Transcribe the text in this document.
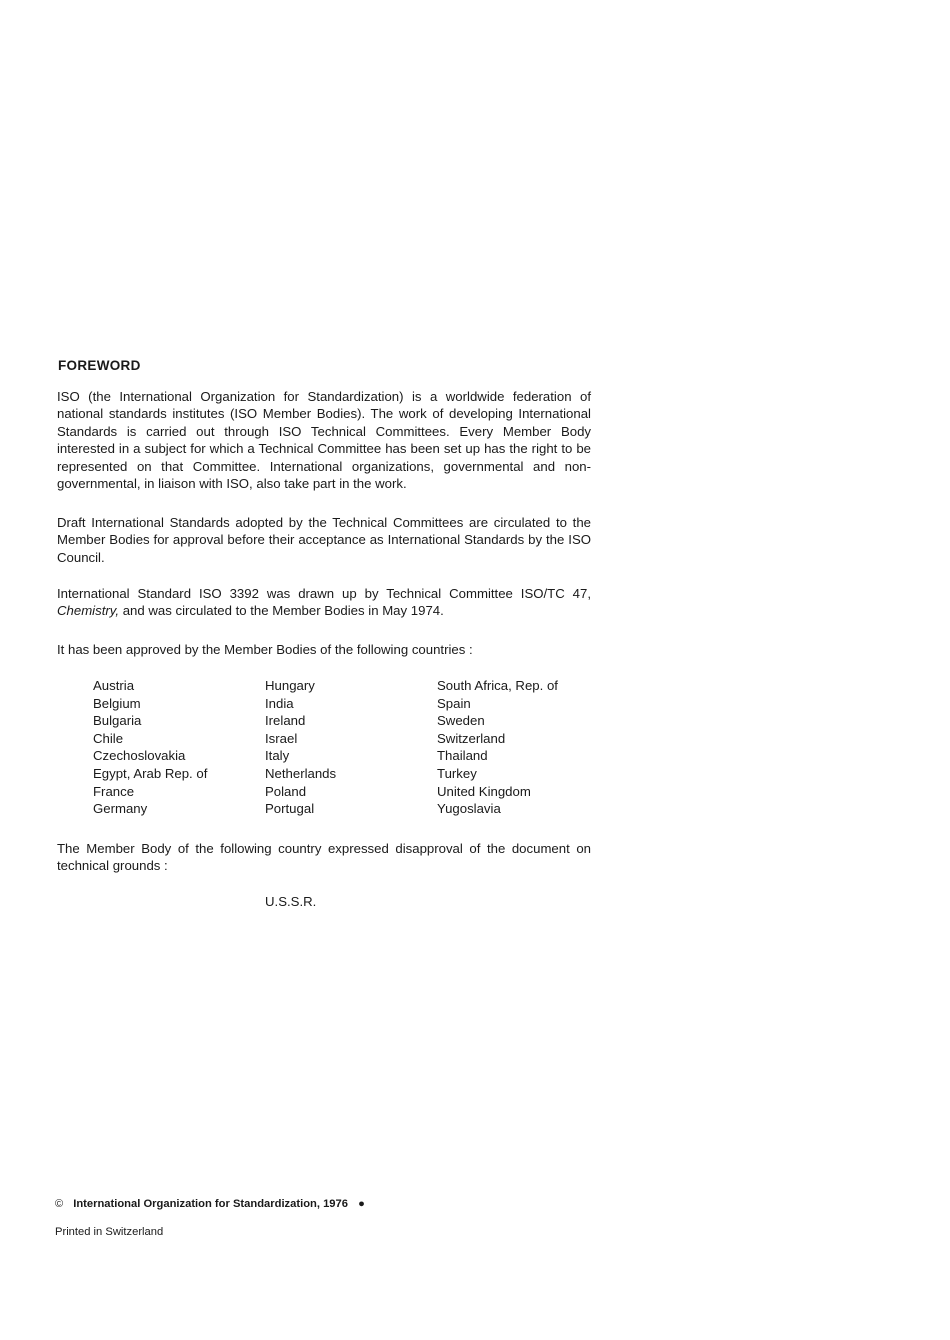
FOREWORD

ISO (the International Organization for Standardization) is a worldwide federation of national standards institutes (ISO Member Bodies). The work of developing International Standards is carried out through ISO Technical Committees. Every Member Body interested in a subject for which a Technical Committee has been set up has the right to be represented on that Committee. International organizations, governmental and non-governmental, in liaison with ISO, also take part in the work.

Draft International Standards adopted by the Technical Committees are circulated to the Member Bodies for approval before their acceptance as International Standards by the ISO Council.

International Standard ISO 3392 was drawn up by Technical Committee ISO/TC 47, Chemistry, and was circulated to the Member Bodies in May 1974.

It has been approved by the Member Bodies of the following countries :

Austria
Belgium
Bulgaria
Chile
Czechoslovakia
Egypt, Arab Rep. of
France
Germany
Hungary
India
Ireland
Israel
Italy
Netherlands
Poland
Portugal
South Africa, Rep. of
Spain
Sweden
Switzerland
Thailand
Turkey
United Kingdom
Yugoslavia

The Member Body of the following country expressed disapproval of the document on technical grounds :

U.S.S.R.
© International Organization for Standardization, 1976 ●
Printed in Switzerland
